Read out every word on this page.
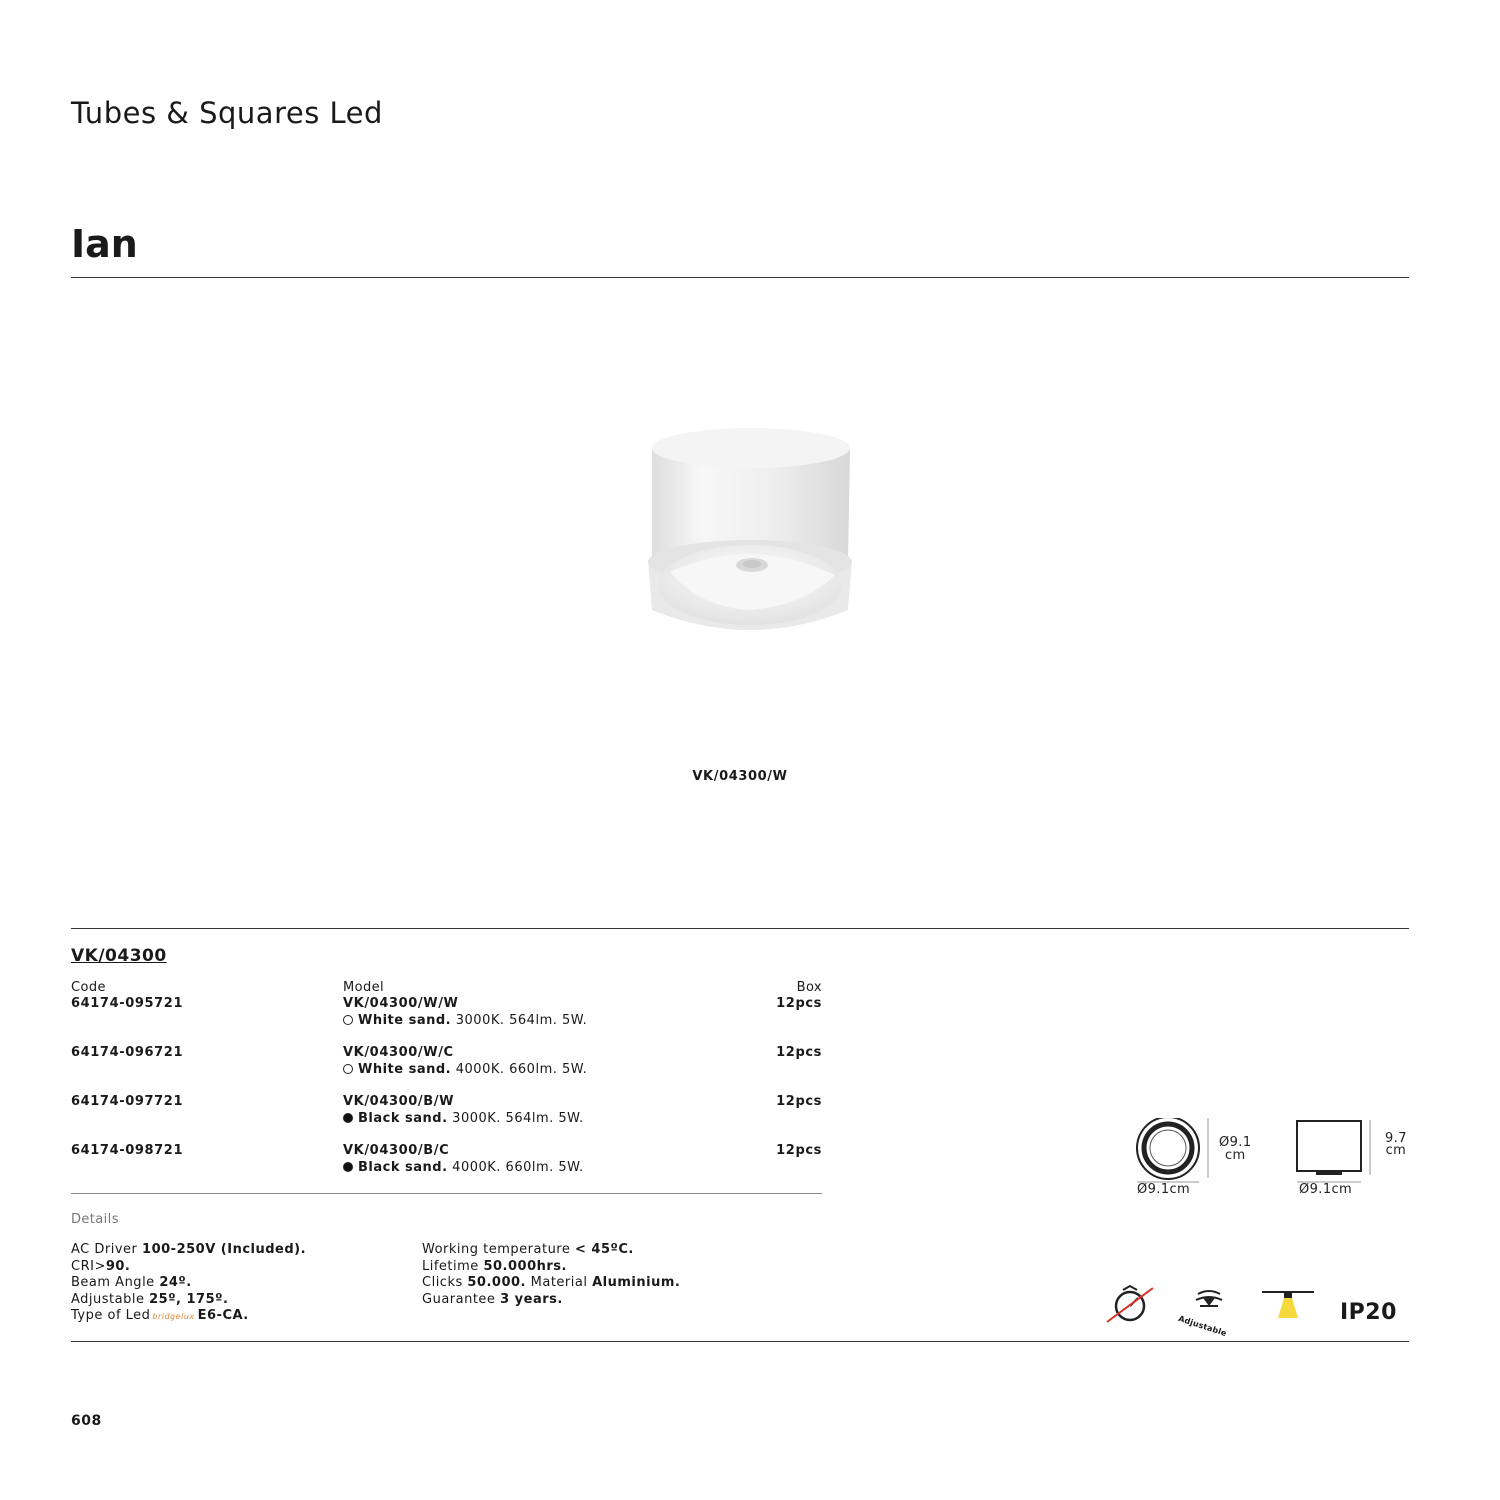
Tubes & Squares Led
Ian
VK/04300/W
VK/04300
Code	Model	Box
64174-095721	VK/04300/W/W	12pcs
White sand. 3000K. 564lm. 5W.
64174-096721	VK/04300/W/C	12pcs
White sand. 4000K. 660lm. 5W.
64174-097721	VK/04300/B/W	12pcs
Black sand. 3000K. 564lm. 5W.
64174-098721	VK/04300/B/C	12pcs
Black sand. 4000K. 660lm. 5W.
Details
AC Driver 100-250V (Included).
CRI>90.
Beam Angle 24º.
Adjustable 25º, 175º.
Type of Led bridgelux E6-CA.
Working temperature < 45ºC.
Lifetime 50.000hrs.
Clicks 50.000. Material Aluminium.
Guarantee 3 years.
Ø9.1
cm
Ø9.1cm
9.7
cm
Ø9.1cm
Adjustable
IP20
608
